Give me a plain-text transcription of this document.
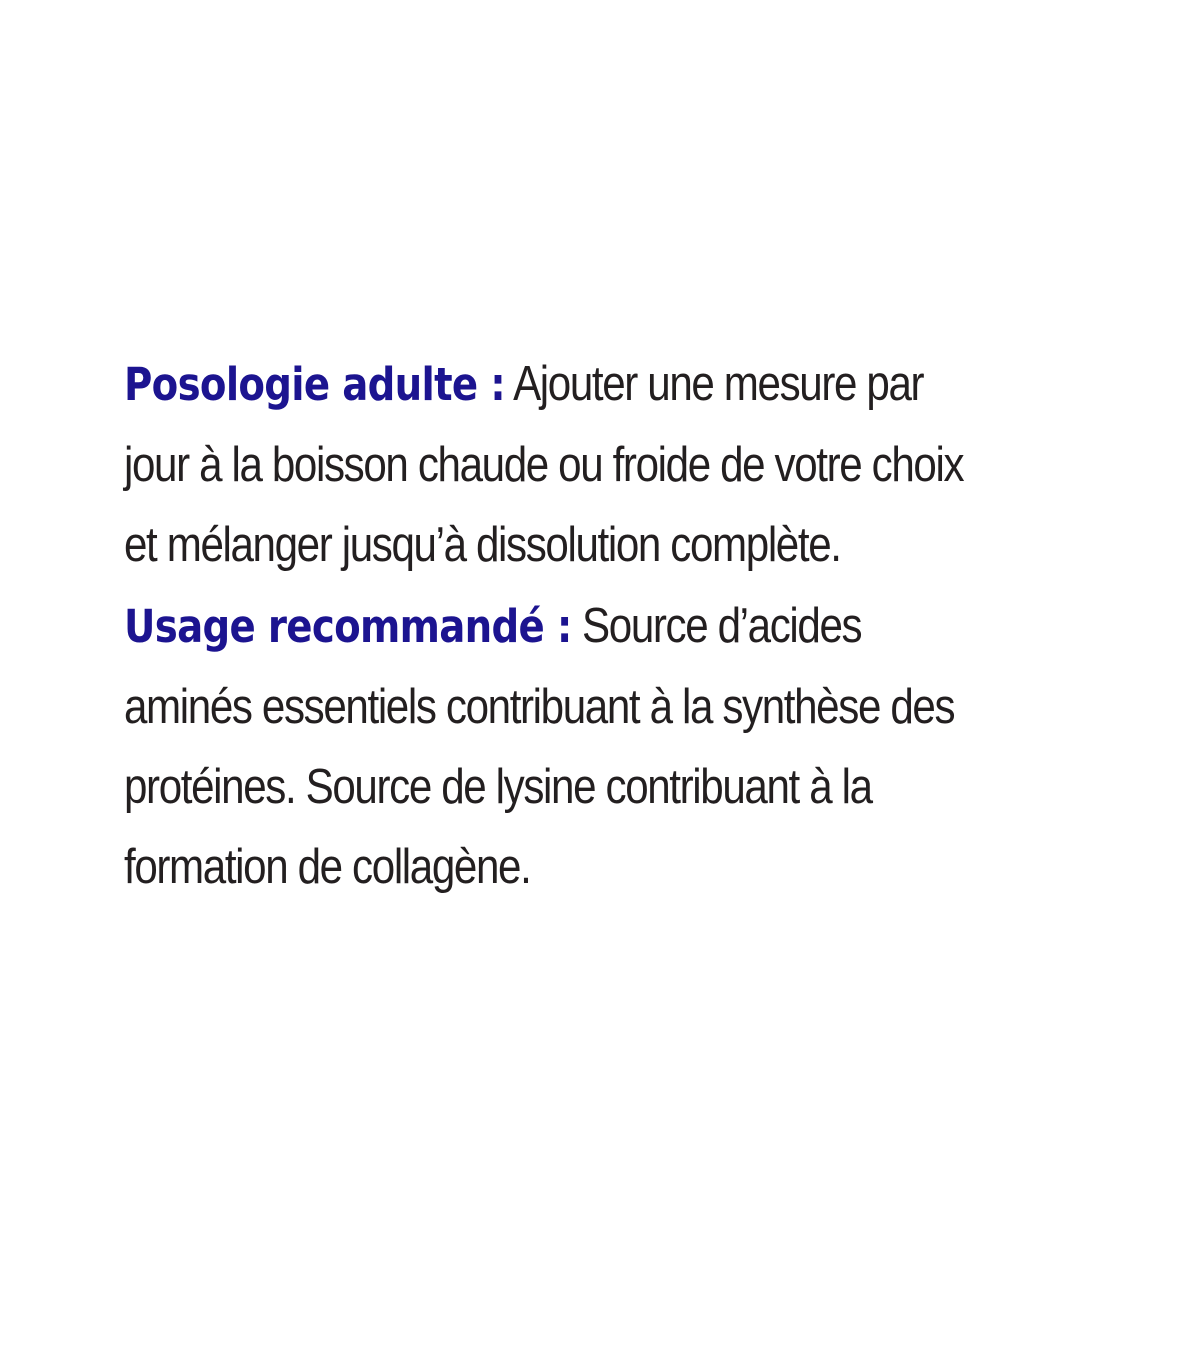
Posologie adulte : Ajouter une mesure par
jour à la boisson chaude ou froide de votre choix
et mélanger jusqu’à dissolution complète.

Usage recommandé : Source d’acides
aminés essentiels contribuant à la synthèse des
protéines. Source de lysine contribuant à la
formation de collagène.
